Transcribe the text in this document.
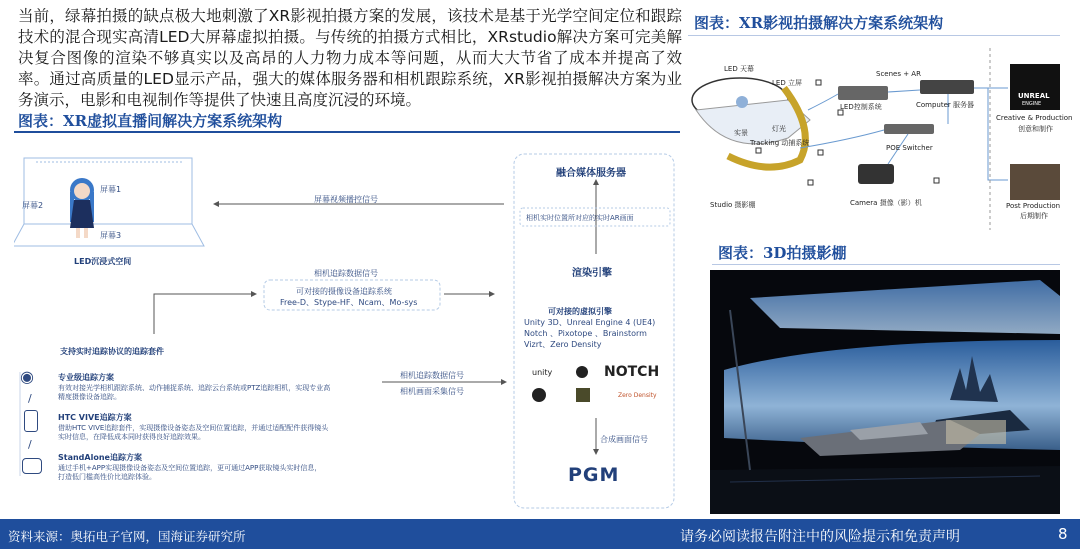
当前，绿幕拍摄的缺点极大地刺激了XR影视拍摄方案的发展，该技术是基于光学空间定位和跟踪技术的混合现实高清LED大屏幕虚拟拍摄。与传统的拍摄方式相比，XRstudio解决方案可完美解决复合图像的渲染不够真实以及高昂的人力物力成本等问题，从而大大节省了成本并提高了效率。通过高质量的LED显示产品，强大的媒体服务器和相机跟踪系统，XR影视拍摄解决方案为业务演示，电影和电视制作等提供了快速且高度沉浸的环境。

图表：XR虚拟直播间解决方案系统架构
屏幕1
屏幕2
屏幕3
LED沉浸式空间
屏幕视频播控信号
相机追踪数据信号
可对接的摄像设备追踪系统
Free-D、Stype-HF、Ncam、Mo-sys
支持实时追踪协议的追踪套件
◉
/
/
专业级追踪方案
有效对接光学相机跟踪系统、动作捕捉系统、追踪云台系统或PTZ追踪相机，实现专业高
精度摄像设备追踪。
HTC VIVE追踪方案
借助HTC VIVE追踪套件，实现摄像设备姿态及空间位置追踪，并通过适配配件获得镜头
实时信息，在降低成本同时获得良好追踪效果。
StandAlone追踪方案
通过手机+APP实现摄像设备姿态及空间位置追踪，更可通过APP获取镜头实时信息，
打造低门槛高性价比追踪体验。
相机追踪数据信号
相机画面采集信号
融合媒体服务器
相机实时位置所对应的实时AR画面
渲染引擎
可对接的虚拟引擎
Unity 3D、Unreal Engine 4 (UE4)
Notch 、Pixotope 、Brainstorm
Vizrt、Zero Density
unity	NOTCH
Zero Density
合成画面信号
PGM
图表：XR影视拍摄解决方案系统架构
LED 天幕
LED 立屏
实景	灯光
Tracking 动捕系统
LED控制系统
Scenes + AR
Computer 服务器
POE Switcher
Studio 摄影棚	Camera 摄像（影）机
UNREAL
ENGINE
Creative & Production
创意和制作
Post Production
后期制作
图表：3D拍摄影棚
资料来源：奥拓电子官网，国海证券研究所	请务必阅读报告附注中的风险提示和免责声明	8
